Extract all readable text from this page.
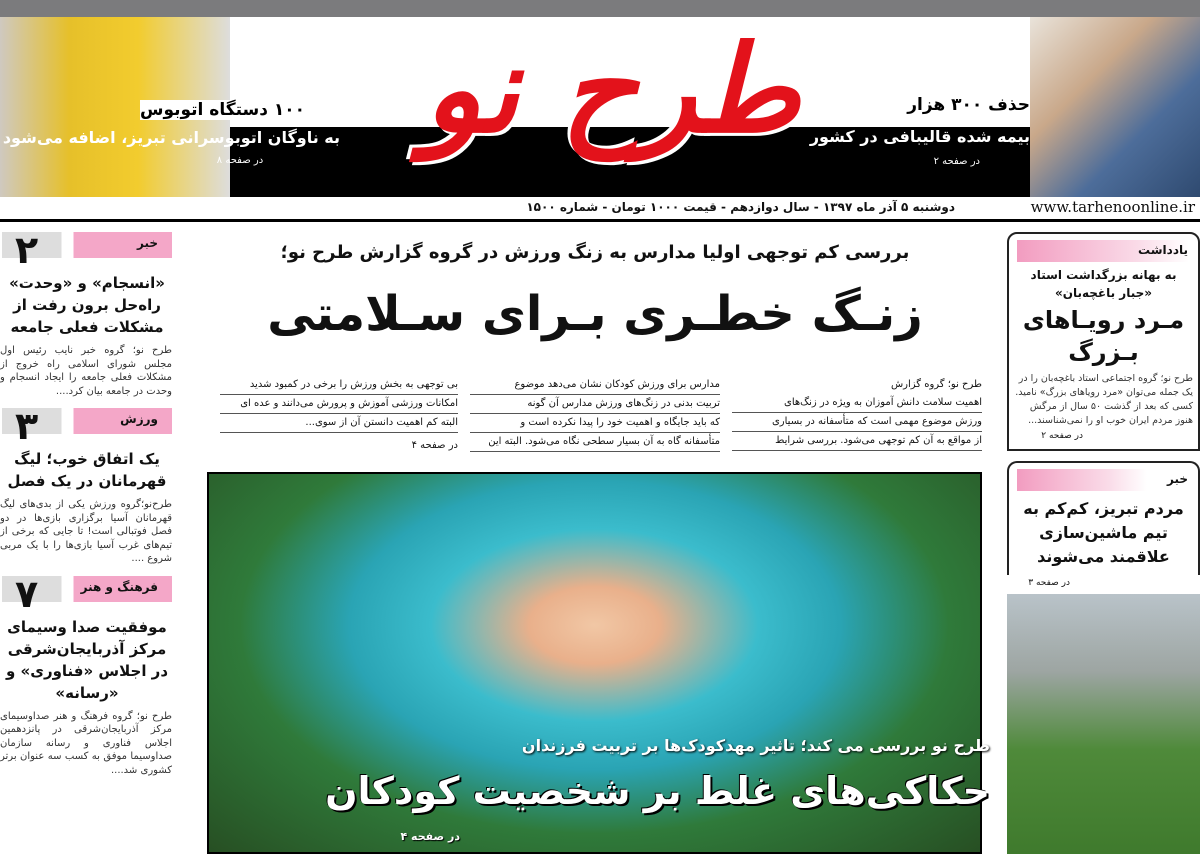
طرح نو
۱۰۰ دستگاه اتوبوس
به ناوگان اتوبوسرانی تبریز، اضافه می‌شود
در صفحه ۸
حذف ۳۰۰ هزار
بیمه شده قالیبافی در کشور
در صفحه ۲
دوشنبه ۵ آذر ماه ۱۳۹۷ - سال دوازدهم - قیمت ۱۰۰۰ تومان - شماره ۱۵۰۰	www.tarhenoonline.ir
بررسی کم توجهی اولیا مدارس به زنگ ورزش در گروه گزارش طرح نو؛
زنـگ خطـری بـرای سـلامتی

طرح نو؛ گروه گزارش

اهمیت سلامت دانش آموزان به ویژه در زنگ‌های

ورزش موضوع مهمی است که متأسفانه در بسیاری

از مواقع به آن کم توجهی می‌شود. بررسی شرایط

مدارس برای ورزش کودکان نشان می‌دهد موضوع

تربیت بدنی در زنگ‌های ورزش مدارس آن گونه

که باید جایگاه و اهمیت خود را پیدا نکرده است و

متأسفانه گاه به آن بسیار سطحی نگاه می‌شود. البته این

بی توجهی به بخش ورزش را برخی در کمبود شدید

امکانات ورزشی آموزش و پرورش می‌دانند و عده ای

البته کم اهمیت دانستن آن از سوی...

در صفحه ۴
طرح نو بررسی می کند؛ تاثیر مهدکودک‌ها بر تربیت فرزندان
حکاکی‌های غلط بر شخصیت کودکان
در صفحه ۴
خبر
۲
«انسجام» و «وحدت» راه‌حل برون رفت از مشکلات فعلی جامعه
طرح نو؛ گروه خبر نایب رئیس اول مجلس شورای اسلامی راه خروج از مشکلات فعلی جامعه را ایجاد انسجام و وحدت در جامعه بیان کرد....
ورزش
۳
یک اتفاق خوب؛ لیگ قهرمانان در یک فصل
طرح‌نو؛گروه ورزش یکی از بدی‌های لیگ قهرمانان آسیا برگزاری بازی‌ها در دو فصل فوتبالی است! تا جایی که برخی از تیم‌های غرب آسیا بازی‌ها را با یک مربی شروع ....
فرهنگ و هنر
۷
موفقیت صدا وسیمای مرکز آذربایجان‌شرقی در اجلاس «فناوری» و «رسانه»
طرح نو؛ گروه فرهنگ و هنر صداوسیمای مرکز آذربایجان‌شرقی در پانزدهمین اجلاس فناوری و رسانه سازمان صداوسیما موفق به کسب سه عنوان برتر کشوری شد....
یادداشت
به بهانه بزرگداشت استاد «جبار باغچه‌بان»
مـرد رویـاهای بـزرگ
طرح نو؛ گروه اجتماعی استاد باغچه‌بان را در یک جمله می‌توان «مرد رویاهای بزرگ» نامید. کسی که بعد از گذشت ۵۰ سال از مرگش هنوز مردم ایران خوب او را نمی‌شناسند...
در صفحه ۲
خبر
مردم تبریز، کم‌کم به تیم ماشین‌سازی علاقمند می‌شوند
در صفحه ۳
